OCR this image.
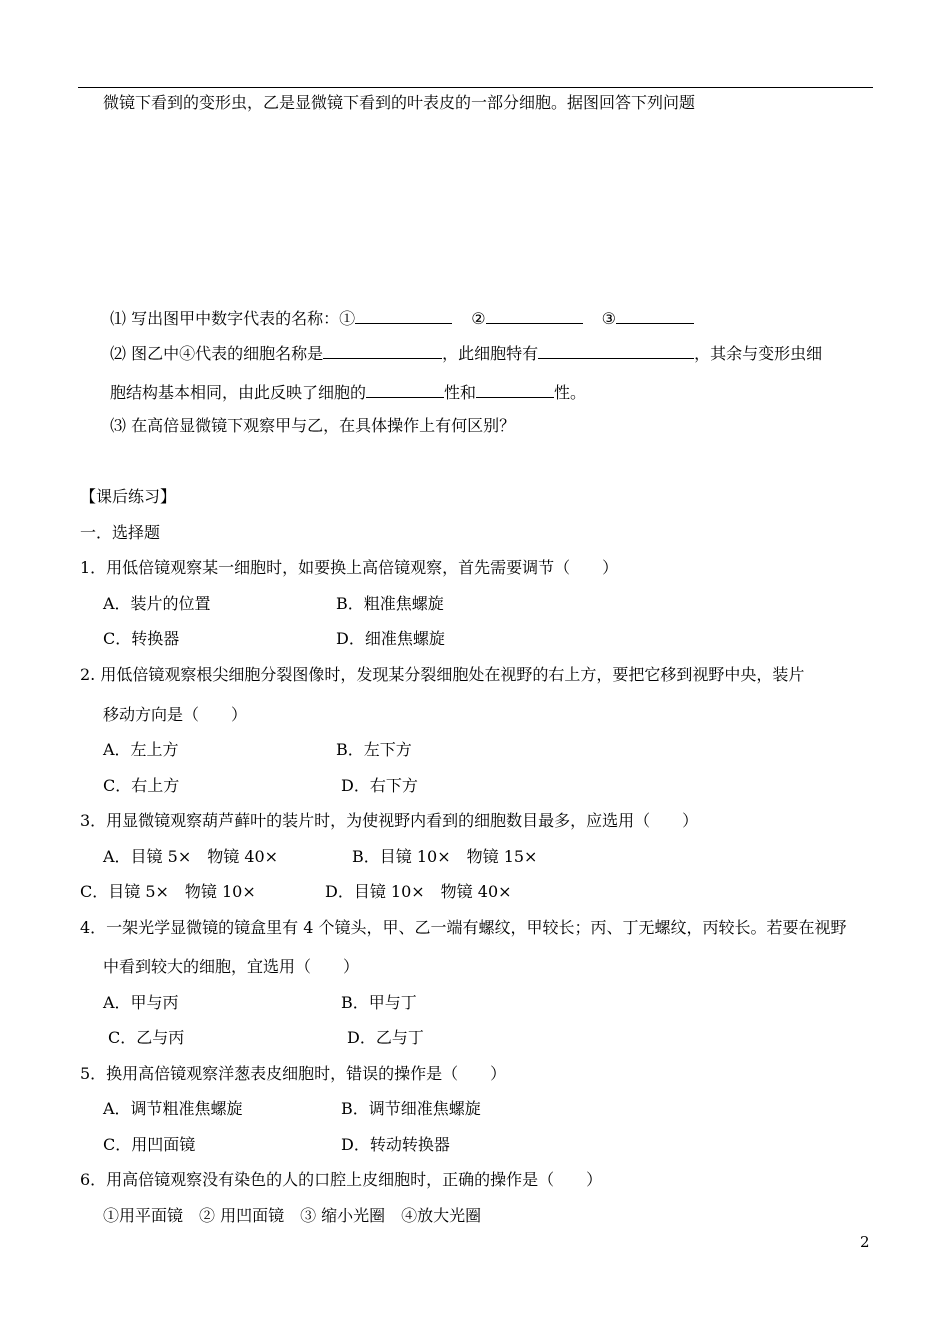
微镜下看到的变形虫，乙是显微镜下看到的叶表皮的一部分细胞。据图回答下列问题
⑴ 写出图甲中数字代表的名称：①	②	③
⑵ 图乙中④代表的细胞名称是	，此细胞特有	，其余与变形虫细
胞结构基本相同，由此反映了细胞的	性和	性。
⑶ 在高倍显微镜下观察甲与乙，在具体操作上有何区别？
【课后练习】
一．选择题
1．用低倍镜观察某一细胞时，如要换上高倍镜观察，首先需要调节（　　）
A．装片的位置	B．粗准焦螺旋
C．转换器	D．细准焦螺旋
2. 用低倍镜观察根尖细胞分裂图像时，发现某分裂细胞处在视野的右上方，要把它移到视野中央，装片
移动方向是（　　）
A．左上方	B．左下方
C．右上方	D．右下方
3．用显微镜观察葫芦藓叶的装片时，为使视野内看到的细胞数目最多，应选用（　　）
A．目镜 5×　物镜 40×	B．目镜 10×　物镜 15×
C．目镜 5×　物镜 10×	D．目镜 10×　物镜 40×
4．一架光学显微镜的镜盒里有 4 个镜头，甲、乙一端有螺纹，甲较长；丙、丁无螺纹，丙较长。若要在视野
中看到较大的细胞，宜选用（　　）
A．甲与丙	B．甲与丁
C．乙与丙	D．乙与丁
5．换用高倍镜观察洋葱表皮细胞时，错误的操作是（　　）
A．调节粗准焦螺旋	B．调节细准焦螺旋
C．用凹面镜	D．转动转换器
6．用高倍镜观察没有染色的人的口腔上皮细胞时，正确的操作是（　　）
①用平面镜　② 用凹面镜　③ 缩小光圈　④放大光圈
2
